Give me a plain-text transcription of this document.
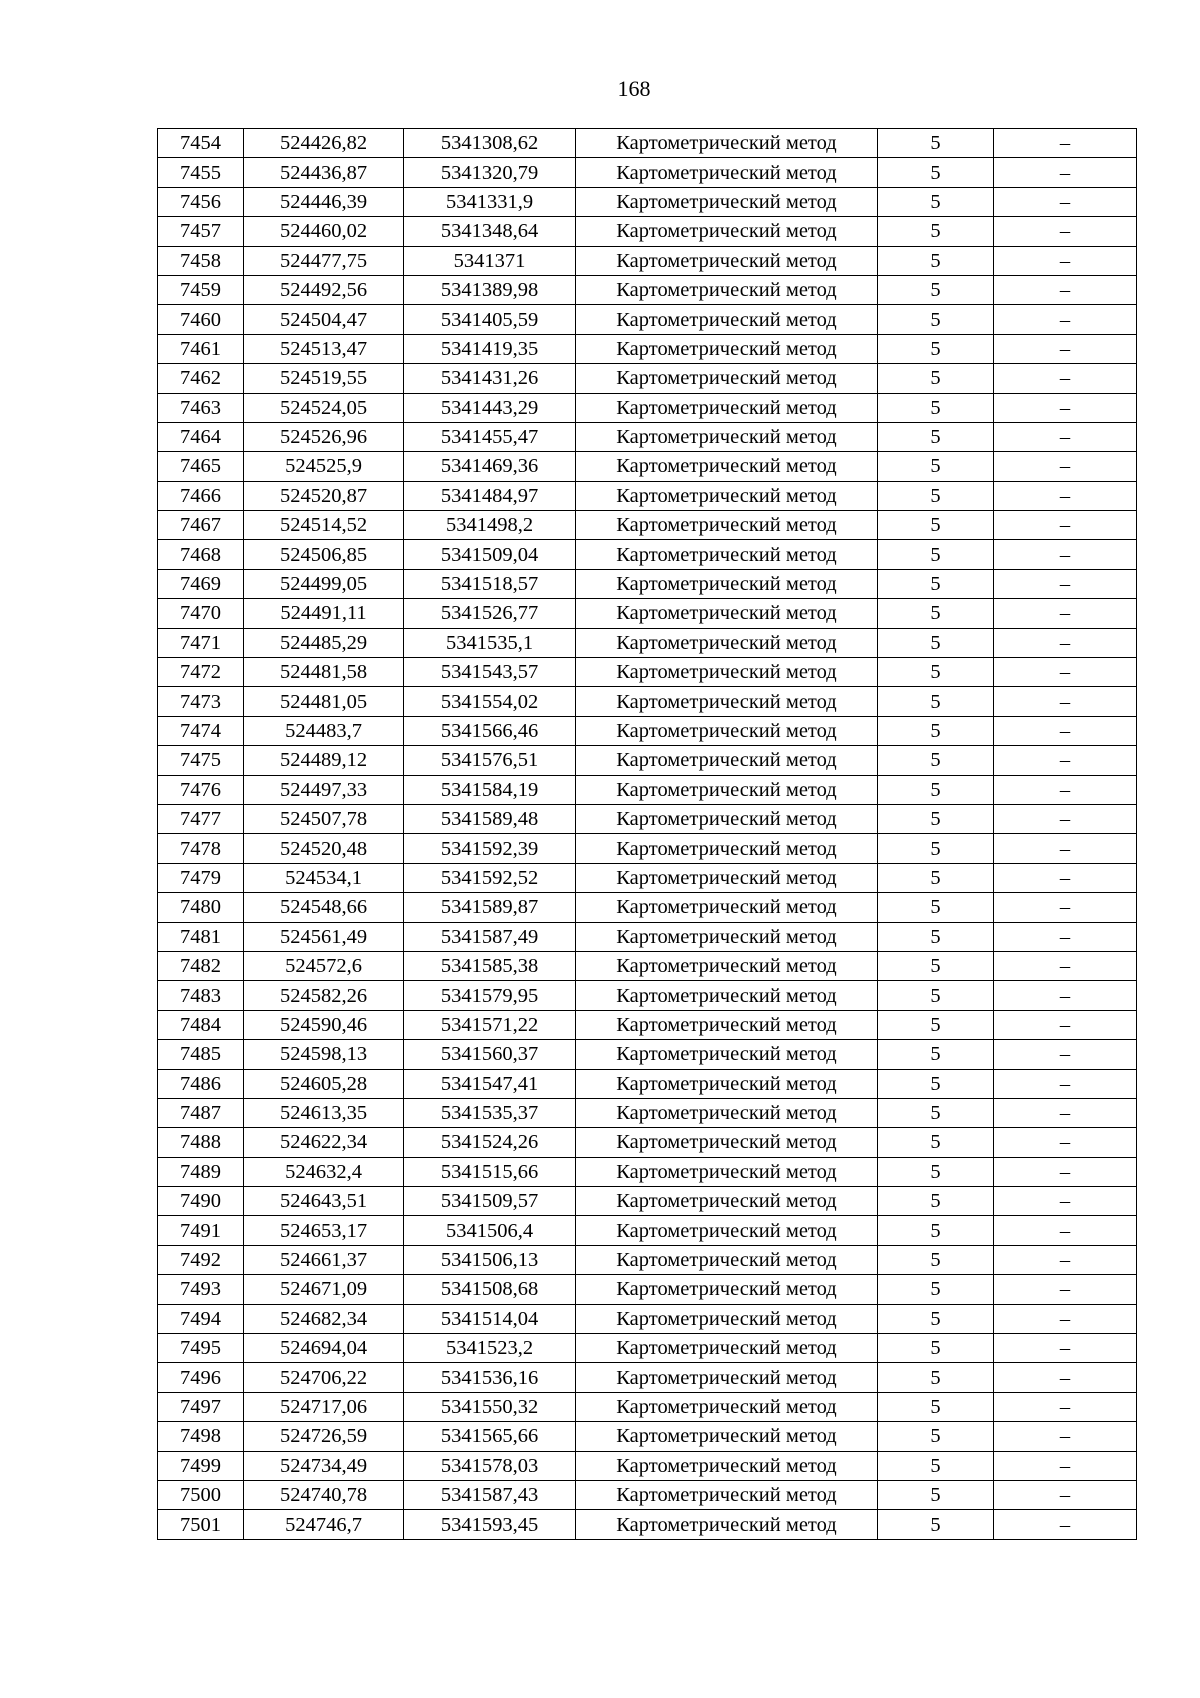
168
7454	524426,82	5341308,62	Картометрический метод	5	–
7455	524436,87	5341320,79	Картометрический метод	5	–
7456	524446,39	5341331,9	Картометрический метод	5	–
7457	524460,02	5341348,64	Картометрический метод	5	–
7458	524477,75	5341371	Картометрический метод	5	–
7459	524492,56	5341389,98	Картометрический метод	5	–
7460	524504,47	5341405,59	Картометрический метод	5	–
7461	524513,47	5341419,35	Картометрический метод	5	–
7462	524519,55	5341431,26	Картометрический метод	5	–
7463	524524,05	5341443,29	Картометрический метод	5	–
7464	524526,96	5341455,47	Картометрический метод	5	–
7465	524525,9	5341469,36	Картометрический метод	5	–
7466	524520,87	5341484,97	Картометрический метод	5	–
7467	524514,52	5341498,2	Картометрический метод	5	–
7468	524506,85	5341509,04	Картометрический метод	5	–
7469	524499,05	5341518,57	Картометрический метод	5	–
7470	524491,11	5341526,77	Картометрический метод	5	–
7471	524485,29	5341535,1	Картометрический метод	5	–
7472	524481,58	5341543,57	Картометрический метод	5	–
7473	524481,05	5341554,02	Картометрический метод	5	–
7474	524483,7	5341566,46	Картометрический метод	5	–
7475	524489,12	5341576,51	Картометрический метод	5	–
7476	524497,33	5341584,19	Картометрический метод	5	–
7477	524507,78	5341589,48	Картометрический метод	5	–
7478	524520,48	5341592,39	Картометрический метод	5	–
7479	524534,1	5341592,52	Картометрический метод	5	–
7480	524548,66	5341589,87	Картометрический метод	5	–
7481	524561,49	5341587,49	Картометрический метод	5	–
7482	524572,6	5341585,38	Картометрический метод	5	–
7483	524582,26	5341579,95	Картометрический метод	5	–
7484	524590,46	5341571,22	Картометрический метод	5	–
7485	524598,13	5341560,37	Картометрический метод	5	–
7486	524605,28	5341547,41	Картометрический метод	5	–
7487	524613,35	5341535,37	Картометрический метод	5	–
7488	524622,34	5341524,26	Картометрический метод	5	–
7489	524632,4	5341515,66	Картометрический метод	5	–
7490	524643,51	5341509,57	Картометрический метод	5	–
7491	524653,17	5341506,4	Картометрический метод	5	–
7492	524661,37	5341506,13	Картометрический метод	5	–
7493	524671,09	5341508,68	Картометрический метод	5	–
7494	524682,34	5341514,04	Картометрический метод	5	–
7495	524694,04	5341523,2	Картометрический метод	5	–
7496	524706,22	5341536,16	Картометрический метод	5	–
7497	524717,06	5341550,32	Картометрический метод	5	–
7498	524726,59	5341565,66	Картометрический метод	5	–
7499	524734,49	5341578,03	Картометрический метод	5	–
7500	524740,78	5341587,43	Картометрический метод	5	–
7501	524746,7	5341593,45	Картометрический метод	5	–
